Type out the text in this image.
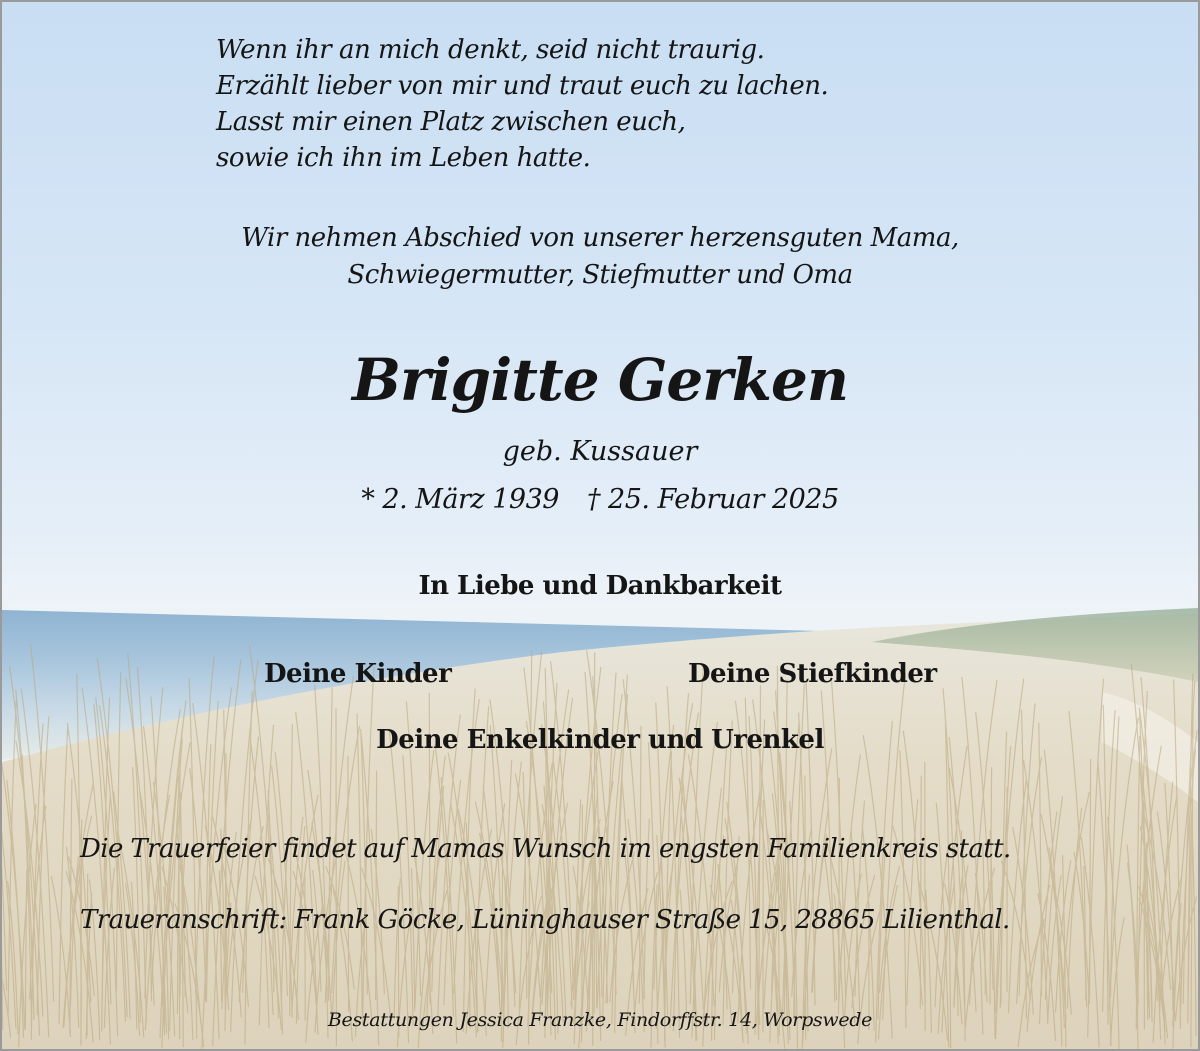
Wenn ihr an mich denkt, seid nicht traurig.
Erzählt lieber von mir und traut euch zu lachen.
Lasst mir einen Platz zwischen euch,
sowie ich ihn im Leben hatte.
Wir nehmen Abschied von unserer herzensguten Mama,
Schwiegermutter, Stiefmutter und Oma
Brigitte Gerken
geb. Kussauer
* 2. März 1939 † 25. Februar 2025
In Liebe und Dankbarkeit
Deine Kinder	Deine Stiefkinder
Deine Enkelkinder und Urenkel
Die Trauerfeier findet auf Mamas Wunsch im engsten Familienkreis statt.
Traueranschrift: Frank Göcke, Lüninghauser Straße 15, 28865 Lilienthal.
Bestattungen Jessica Franzke, Findorffstr. 14, Worpswede
